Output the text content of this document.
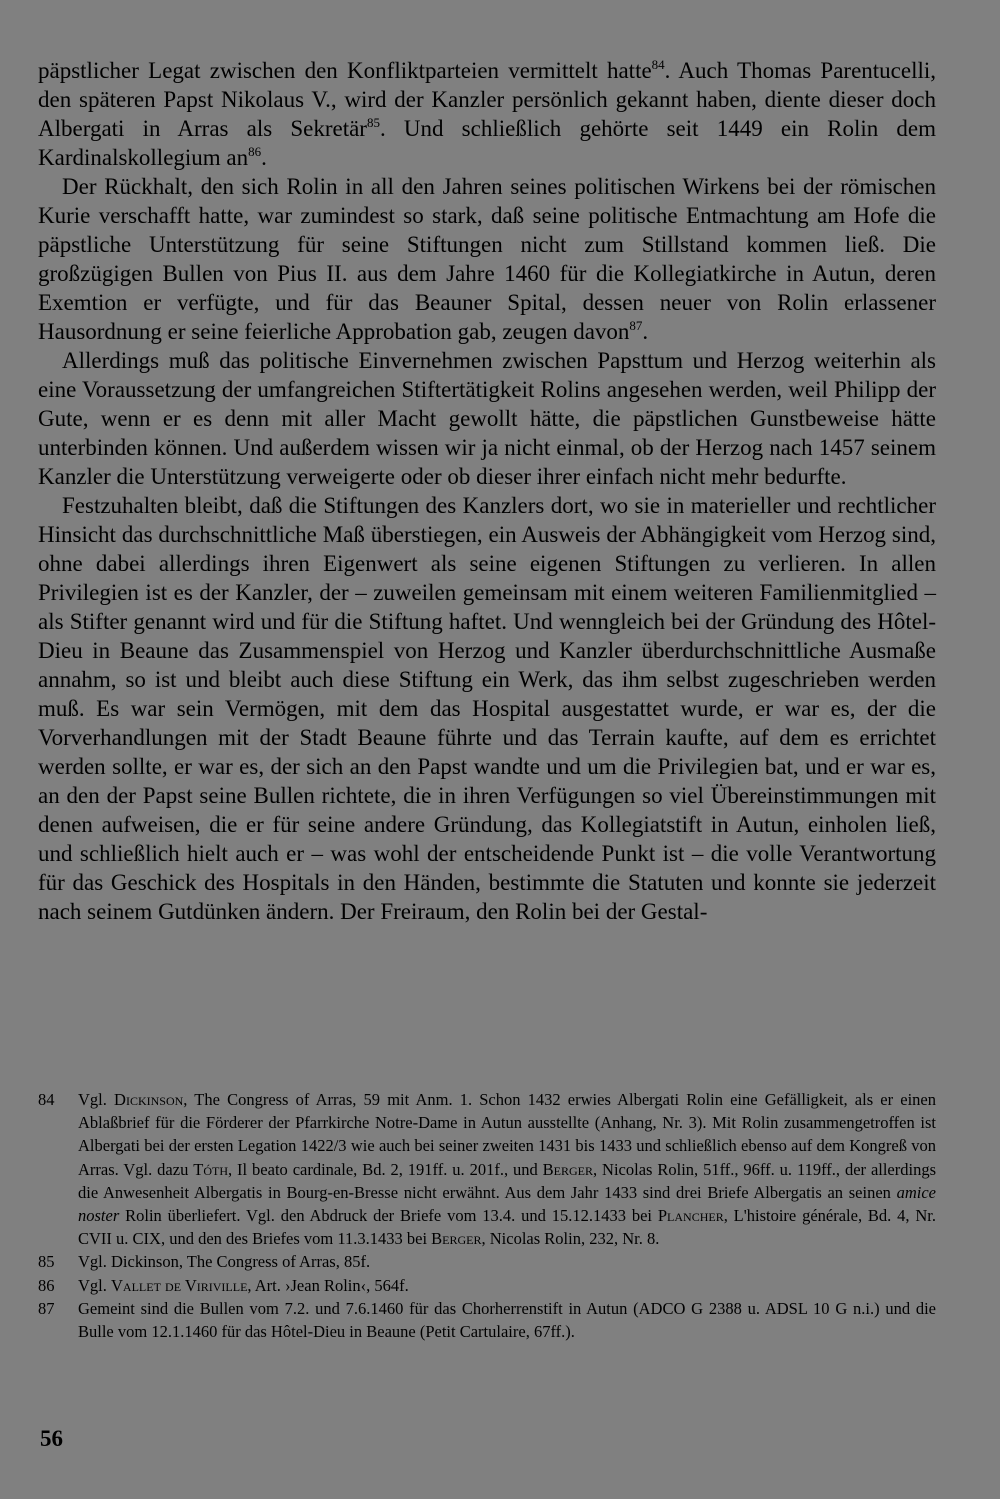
päpstlicher Legat zwischen den Konfliktparteien vermittelt hatte$^{84}$. Auch Thomas Parentucelli, den späteren Papst Nikolaus V., wird der Kanzler persönlich gekannt haben, diente dieser doch Albergati in Arras als Sekretär$^{85}$. Und schließlich gehörte seit 1449 ein Rolin dem Kardinalskollegium $an^{86}$.

Der Rückhalt, den sich Rolin in all den Jahren seines politischen Wirkens bei der römischen Kurie verschafft hatte, war zumindest so stark, daß seine politische Entmachtung am Hofe die päpstliche Unterstützung für seine Stiftungen nicht zum Stillstand kommen ließ. Die großzügigen Bullen von Pius II. aus dem Jahre 1460 für die Kollegiatkirche in Autun, deren Exemtion er verfügte, und für das Beauner Spital, dessen neuer von Rolin erlassener Hausordnung er seine feierliche Approbation gab, zeugen davon$^{87}$.

Allerdings muß das politische Einvernehmen zwischen Papsttum und Herzog weiterhin als eine Voraussetzung der umfangreichen Stiftertätigkeit Rolins angesehen werden, weil Philipp der Gute, wenn er es denn mit aller Macht gewollt hätte, die päpstlichen Gunstbeweise hätte unterbinden können. Und außerdem wissen wir ja nicht einmal, ob der Herzog nach 1457 seinem Kanzler die Unterstützung verweigerte oder ob dieser ihrer einfach nicht mehr bedurfte.

Festzuhalten bleibt, daß die Stiftungen des Kanzlers dort, wo sie in materieller und rechtlicher Hinsicht das durchschnittliche Maß überstiegen, ein Ausweis der Abhängigkeit vom Herzog sind, ohne dabei allerdings ihren Eigenwert als seine eigenen Stiftungen zu verlieren. In allen Privilegien ist es der Kanzler, der – zuweilen gemeinsam mit einem weiteren Familienmitglied – als Stifter genannt wird und für die Stiftung haftet. Und wenngleich bei der Gründung des Hôtel-Dieu in Beaune das Zusammenspiel von Herzog und Kanzler überdurchschnittliche Ausmaße annahm, so ist und bleibt auch diese Stiftung ein Werk, das ihm selbst zugeschrieben werden muß. Es war sein Vermögen, mit dem das Hospital ausgestattet wurde, er war es, der die Vorverhandlungen mit der Stadt Beaune führte und das Terrain kaufte, auf dem es errichtet werden sollte, er war es, der sich an den Papst wandte und um die Privilegien bat, und er war es, an den der Papst seine Bullen richtete, die in ihren Verfügungen so viel Übereinstimmungen mit denen aufweisen, die er für seine andere Gründung, das Kollegiatstift in Autun, einholen ließ, und schließlich hielt auch er – was wohl der entscheidende Punkt ist – die volle Verantwortung für das Geschick des Hospitals in den Händen, bestimmte die Statuten und konnte sie jederzeit nach seinem Gutdünken ändern. Der Freiraum, den Rolin bei der Gestal-

84	Vgl. Dickinson, The Congress of Arras, 59 mit Anm. 1. Schon 1432 erwies Albergati Rolin eine Gefälligkeit, als er einen Ablaßbrief für die Förderer der Pfarrkirche Notre-Dame in Autun ausstellte (Anhang, Nr. 3). Mit Rolin zusammengetroffen ist Albergati bei der ersten Legation 1422/3 wie auch bei seiner zweiten 1431 bis 1433 und schließlich ebenso auf dem Kongreß von Arras. Vgl. dazu Tóth, Il beato cardinale, Bd. 2, 191ff. u. 201f., und Berger, Nicolas Rolin, 51ff., 96ff. u. 119ff., der allerdings die Anwesenheit Albergatis in Bourg-en-Bresse nicht erwähnt. Aus dem Jahr 1433 sind drei Briefe Albergatis an seinen amice noster Rolin überliefert. Vgl. den Abdruck der Briefe vom 13.4. und 15.12.1433 bei Plancher, L'histoire générale, Bd. 4, Nr. CVII u. CIX, und den des Briefes vom 11.3.1433 bei Berger, Nicolas Rolin, 232, Nr. 8.
85	Vgl. Dickinson, The Congress of Arras, 85f.
86	Vgl. Vallet de Viriville, Art. ›Jean Rolin‹, 564f.
87	Gemeint sind die Bullen vom 7.2. und 7.6.1460 für das Chorherrenstift in Autun (ADCO G 2388 u. ADSL 10 G n.i.) und die Bulle vom 12.1.1460 für das Hôtel-Dieu in Beaune (Petit Cartulaire, 67ff.).
56
